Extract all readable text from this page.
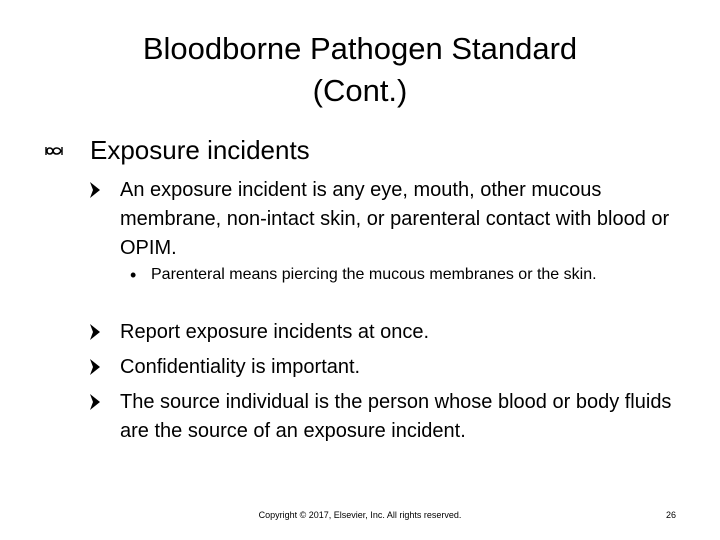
Bloodborne Pathogen Standard
(Cont.)
Exposure incidents
An exposure incident is any eye, mouth, other mucous membrane, non-intact skin, or parenteral contact with blood or OPIM.
• Parenteral means piercing the mucous membranes or the skin.
Report exposure incidents at once.
Confidentiality is important.
The source individual is the person whose blood or body fluids are the source of an exposure incident.
Copyright © 2017, Elsevier, Inc. All rights reserved.	26
